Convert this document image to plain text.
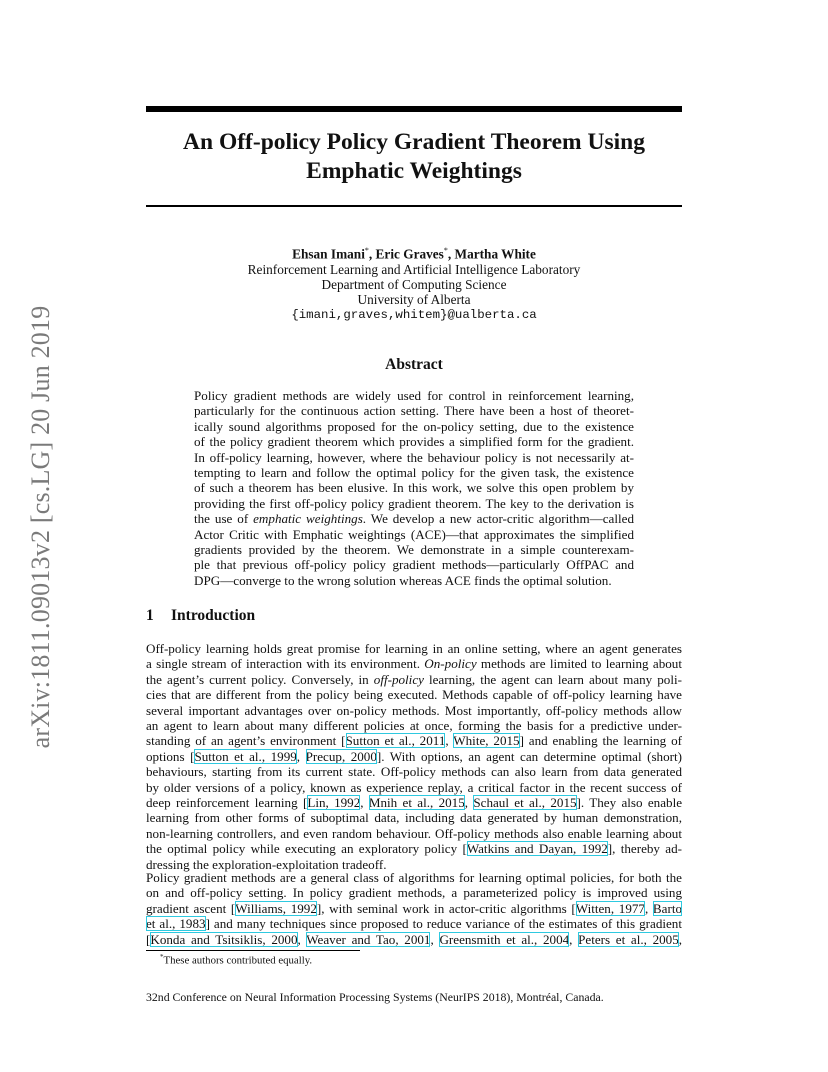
arXiv:1811.09013v2 [cs.LG] 20 Jun 2019
An Off-policy Policy Gradient Theorem Using
Emphatic Weightings
Ehsan Imani*, Eric Graves*, Martha White
Reinforcement Learning and Artificial Intelligence Laboratory
Department of Computing Science
University of Alberta
{imani,graves,whitem}@ualberta.ca
Abstract
Policy gradient methods are widely used for control in reinforcement learning,
particularly for the continuous action setting. There have been a host of theoret-
ically sound algorithms proposed for the on-policy setting, due to the existence
of the policy gradient theorem which provides a simplified form for the gradient.
In off-policy learning, however, where the behaviour policy is not necessarily at-
tempting to learn and follow the optimal policy for the given task, the existence
of such a theorem has been elusive. In this work, we solve this open problem by
providing the first off-policy policy gradient theorem. The key to the derivation is
the use of emphatic weightings. We develop a new actor-critic algorithm—called
Actor Critic with Emphatic weightings (ACE)—that approximates the simplified
gradients provided by the theorem. We demonstrate in a simple counterexam-
ple that previous off-policy policy gradient methods—particularly OffPAC and
DPG—converge to the wrong solution whereas ACE finds the optimal solution.
1 Introduction
Off-policy learning holds great promise for learning in an online setting, where an agent generates
a single stream of interaction with its environment. On-policy methods are limited to learning about
the agent’s current policy. Conversely, in off-policy learning, the agent can learn about many poli-
cies that are different from the policy being executed. Methods capable of off-policy learning have
several important advantages over on-policy methods. Most importantly, off-policy methods allow
an agent to learn about many different policies at once, forming the basis for a predictive under-
standing of an agent’s environment [Sutton et al., 2011, White, 2015] and enabling the learning of
options [Sutton et al., 1999, Precup, 2000]. With options, an agent can determine optimal (short)
behaviours, starting from its current state. Off-policy methods can also learn from data generated
by older versions of a policy, known as experience replay, a critical factor in the recent success of
deep reinforcement learning [Lin, 1992, Mnih et al., 2015, Schaul et al., 2015]. They also enable
learning from other forms of suboptimal data, including data generated by human demonstration,
non-learning controllers, and even random behaviour. Off-policy methods also enable learning about
the optimal policy while executing an exploratory policy [Watkins and Dayan, 1992], thereby ad-
dressing the exploration-exploitation tradeoff.
Policy gradient methods are a general class of algorithms for learning optimal policies, for both the
on and off-policy setting. In policy gradient methods, a parameterized policy is improved using
gradient ascent [Williams, 1992], with seminal work in actor-critic algorithms [Witten, 1977, Barto
et al., 1983] and many techniques since proposed to reduce variance of the estimates of this gradient
[Konda and Tsitsiklis, 2000, Weaver and Tao, 2001, Greensmith et al., 2004, Peters et al., 2005,
*These authors contributed equally.
32nd Conference on Neural Information Processing Systems (NeurIPS 2018), Montréal, Canada.
